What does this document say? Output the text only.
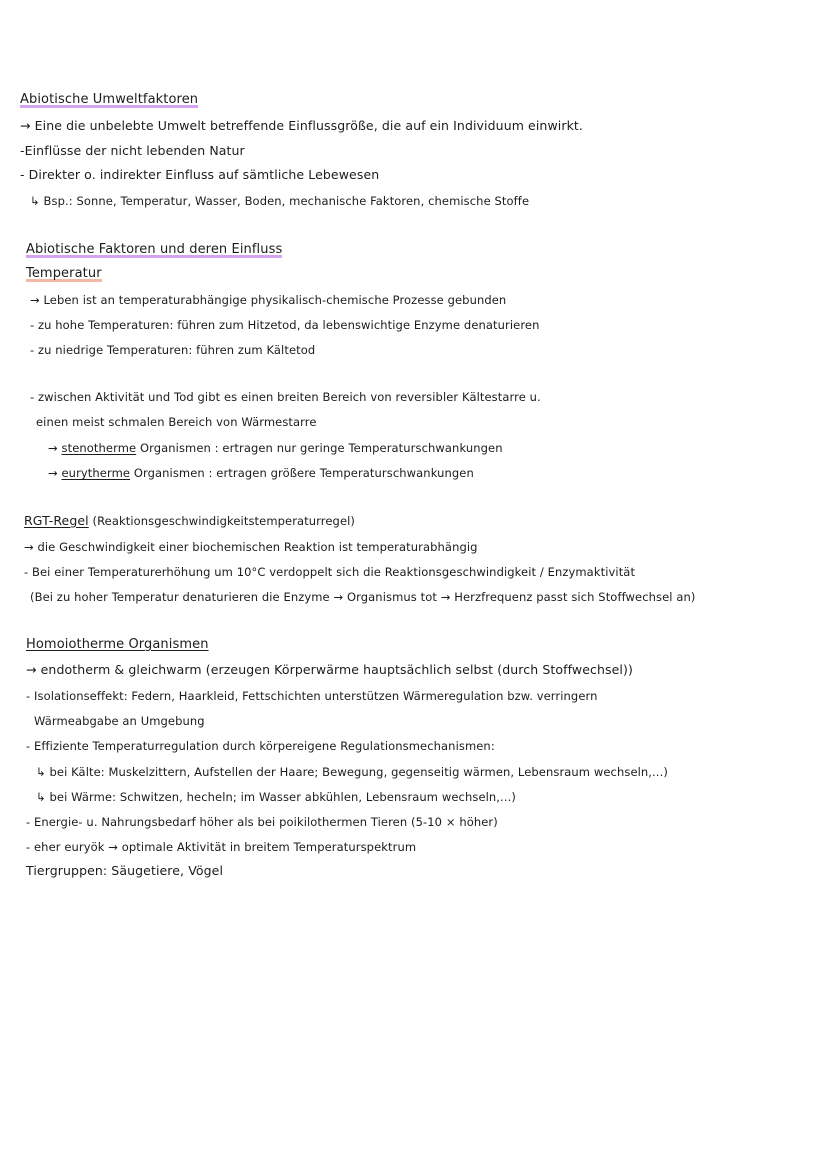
Abiotische Umweltfaktoren
→ Eine die unbelebte Umwelt betreffende Einflussgröße, die auf ein Individuum einwirkt.
-Einflüsse der nicht lebenden Natur
- Direkter o. indirekter Einfluss auf sämtliche Lebewesen
↳ Bsp.: Sonne, Temperatur, Wasser, Boden, mechanische Faktoren, chemische Stoffe
Abiotische Faktoren und deren Einfluss
Temperatur
→ Leben ist an temperaturabhängige physikalisch-chemische Prozesse gebunden
- zu hohe Temperaturen: führen zum Hitzetod, da lebenswichtige Enzyme denaturieren
- zu niedrige Temperaturen: führen zum Kältetod
- zwischen Aktivität und Tod gibt es einen breiten Bereich von reversibler Kältestarre u.
einen meist schmalen Bereich von Wärmestarre
→ stenotherme Organismen : ertragen nur geringe Temperaturschwankungen
→ eurytherme Organismen : ertragen größere Temperaturschwankungen
RGT-Regel (Reaktionsgeschwindigkeitstemperaturregel)
→ die Geschwindigkeit einer biochemischen Reaktion ist temperaturabhängig
- Bei einer Temperaturerhöhung um 10°C verdoppelt sich die Reaktionsgeschwindigkeit / Enzymaktivität
(Bei zu hoher Temperatur denaturieren die Enzyme → Organismus tot → Herzfrequenz passt sich Stoffwechsel an)
Homoiotherme Organismen
→ endotherm & gleichwarm (erzeugen Körperwärme hauptsächlich selbst (durch Stoffwechsel))
- Isolationseffekt: Federn, Haarkleid, Fettschichten unterstützen Wärmeregulation bzw. verringern
Wärmeabgabe an Umgebung
- Effiziente Temperaturregulation durch körpereigene Regulationsmechanismen:
↳ bei Kälte: Muskelzittern, Aufstellen der Haare; Bewegung, gegenseitig wärmen, Lebensraum wechseln,...)
↳ bei Wärme: Schwitzen, hecheln; im Wasser abkühlen, Lebensraum wechseln,...)
- Energie- u. Nahrungsbedarf höher als bei poikilothermen Tieren (5-10 × höher)
- eher euryök → optimale Aktivität in breitem Temperaturspektrum
Tiergruppen: Säugetiere, Vögel
